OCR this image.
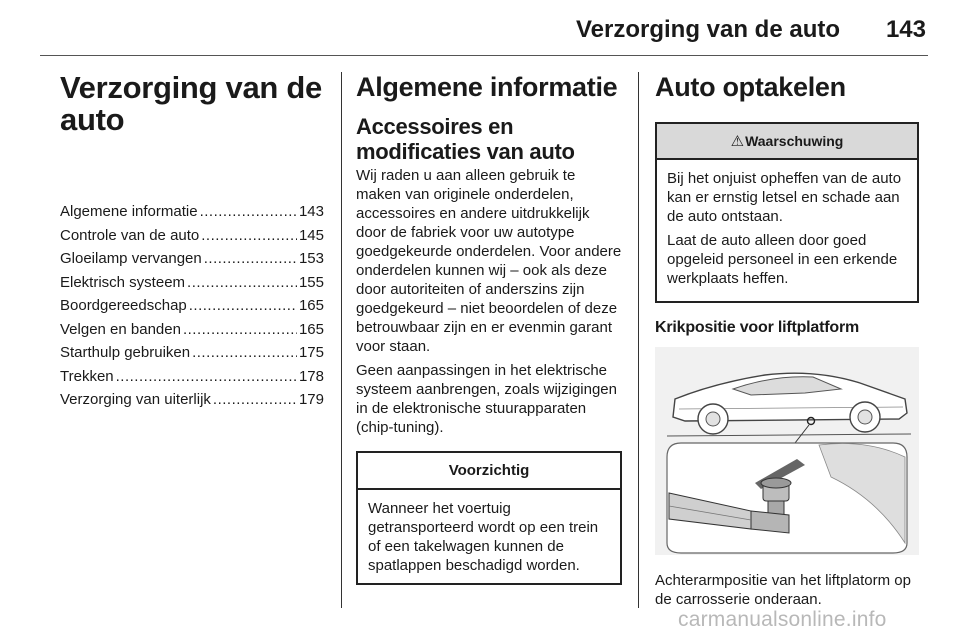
Verzorging van de auto 143
Verzorging van de auto
Algemene informatie .....	143
Controle van de auto .....	145
Gloeilamp vervangen .....	153
Elektrisch systeem .....	155
Boordgereedschap .....	165
Velgen en banden .....	165
Starthulp gebruiken .....	175
Trekken .....	178
Verzorging van uiterlijk .....	179
Algemene informatie
Accessoires en modificaties van auto

Wij raden u aan alleen gebruik te maken van originele onderdelen, accessoires en andere uitdrukkelijk door de fabriek voor uw autotype goedgekeurde onderdelen. Voor andere onderdelen kunnen wij – ook als deze door autoriteiten of anderszins zijn goedgekeurd – niet beoordelen of deze betrouwbaar zijn en er evenmin garant voor staan.

Geen aanpassingen in het elektrische systeem aanbrengen, zoals wijzigingen in de elektronische stuurapparaten (chip-tuning).

Voorzichtig
Wanneer het voertuig getransporteerd wordt op een trein of een takelwagen kunnen de spatlappen beschadigd worden.
Auto optakelen
⚠Waarschuwing

Bij het onjuist opheffen van de auto kan er ernstig letsel en schade aan de auto ontstaan.

Laat de auto alleen door goed opgeleid personeel in een erkende werkplaats heffen.

Krikpositie voor liftplatform
Achterarmpositie van het liftplatorm op de carrosserie onderaan.
carmanualsonline.info
